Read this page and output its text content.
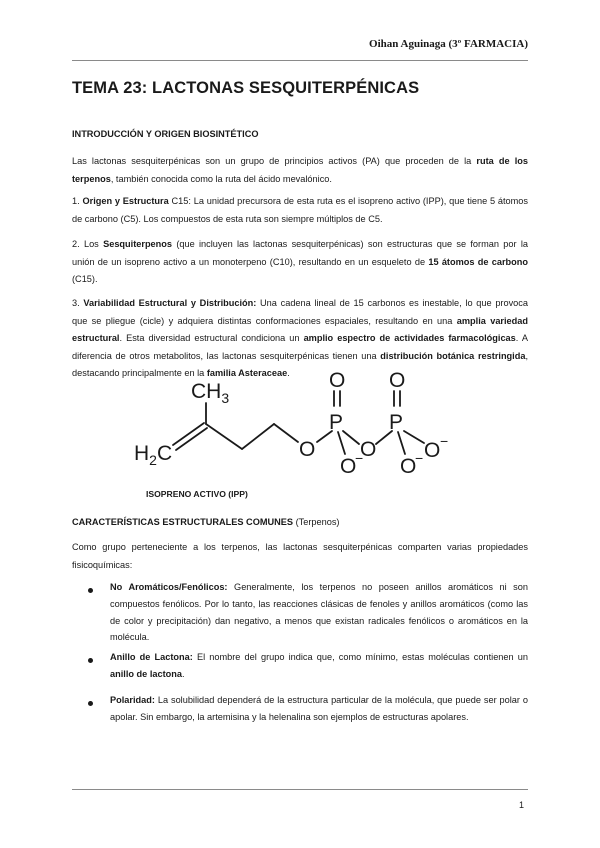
Oihan Aguinaga (3º FARMACIA)
TEMA 23: LACTONAS SESQUITERPÉNICAS
INTRODUCCIÓN Y ORIGEN BIOSINTÉTICO

Las lactonas sesquiterpénicas son un grupo de principios activos (PA) que proceden de la ruta de los terpenos, también conocida como la ruta del ácido mevalónico.

1. Origen y Estructura C15: La unidad precursora de esta ruta es el isopreno activo (IPP), que tiene 5 átomos de carbono (C5). Los compuestos de esta ruta son siempre múltiplos de C5.

2. Los Sesquiterpenos (que incluyen las lactonas sesquiterpénicas) son estructuras que se forman por la unión de un isopreno activo a un monoterpeno (C10), resultando en un esqueleto de 15 átomos de carbono (C15).

3. Variabilidad Estructural y Distribución: Una cadena lineal de 15 carbonos es inestable, lo que provoca que se pliegue (cicle) y adquiera distintas conformaciones espaciales, resultando en una amplia variedad estructural. Esta diversidad estructural condiciona un amplio espectro de actividades farmacológicas. A diferencia de otros metabolitos, las lactonas sesquiterpénicas tienen una distribución botánica restringida, destacando principalmente en la familia Asteraceae.

$CH_3$
$H_2C$	O
P
O
O
O
P
O
O
O
−	−
−

ISOPRENO ACTIVO (IPP)

CARACTERÍSTICAS ESTRUCTURALES COMUNES (Terpenos)

Como grupo perteneciente a los terpenos, las lactonas sesquiterpénicas comparten varias propiedades fisicoquímicas:

No Aromáticos/Fenólicos: Generalmente, los terpenos no poseen anillos aromáticos ni son compuestos fenólicos. Por lo tanto, las reacciones clásicas de fenoles y anillos aromáticos (como las de color y precipitación) dan negativo, a menos que existan radicales fenólicos o aromáticos en la molécula.

Anillo de Lactona: El nombre del grupo indica que, como mínimo, estas moléculas contienen un anillo de lactona.

Polaridad: La solubilidad dependerá de la estructura particular de la molécula, que puede ser polar o apolar. Sin embargo, la artemisina y la helenalina son ejemplos de estructuras apolares.

1
